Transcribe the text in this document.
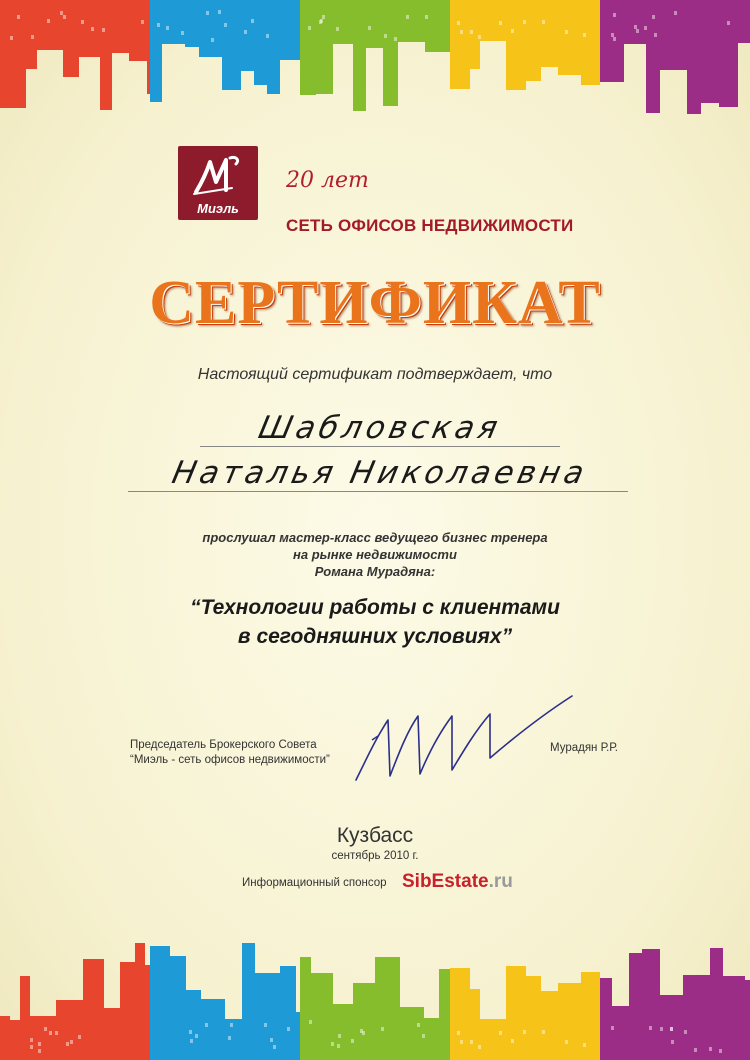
Миэль
20 лет
СЕТЬ ОФИСОВ НЕДВИЖИМОСТИ
СЕРТИФИКАТ
Настоящий сертификат подтверждает, что
Шабловская
Наталья Николаевна
прослушал мастер-класс ведущего бизнес тренера
на рынке недвижимости
Романа Мурадяна:
“Технологии работы с клиентами
в сегодняшних условиях”
Председатель Брокерского Совета
“Миэль - сеть офисов недвижимости”
Мурадян Р.Р.
Кузбасс
сентябрь 2010 г.
Информационный спонсор SibEstate.ru
